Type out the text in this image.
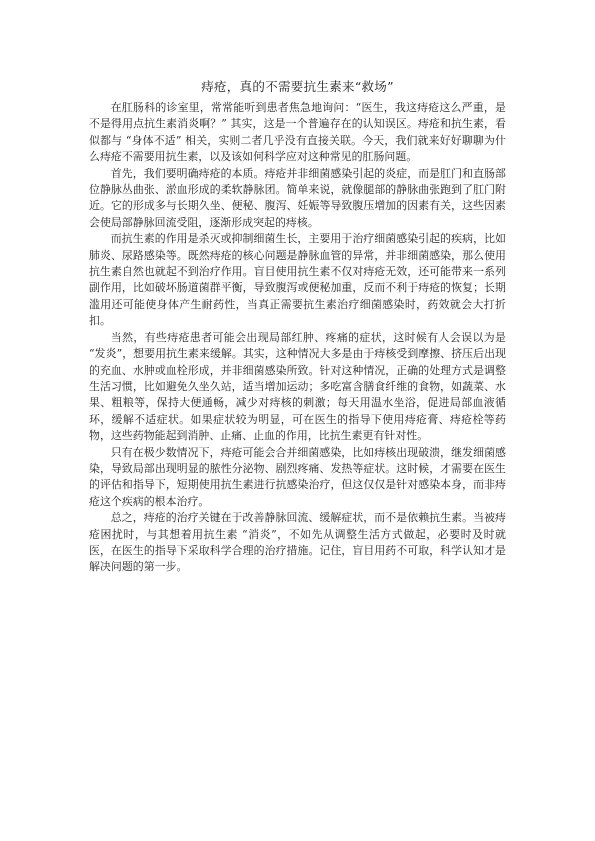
痔疮，真的不需要抗生素来“救场”

在肛肠科的诊室里，常常能听到患者焦急地询问：“医生，我这痔疮这么严重，是不是得用点抗生素消炎啊？” 其实，这是一个普遍存在的认知误区。痔疮和抗生素，看似都与 “身体不适” 相关，实则二者几乎没有直接关联。今天，我们就来好好聊聊为什么痔疮不需要用抗生素，以及该如何科学应对这种常见的肛肠问题。

首先，我们要明确痔疮的本质。痔疮并非细菌感染引起的炎症，而是肛门和直肠部位静脉丛曲张、淤血形成的柔软静脉团。简单来说，就像腿部的静脉曲张跑到了肛门附近。它的形成多与长期久坐、便秘、腹泻、妊娠等导致腹压增加的因素有关，这些因素会使局部静脉回流受阻，逐渐形成突起的痔核。

而抗生素的作用是杀灭或抑制细菌生长，主要用于治疗细菌感染引起的疾病，比如肺炎、尿路感染等。既然痔疮的核心问题是静脉血管的异常，并非细菌感染，那么使用抗生素自然也就起不到治疗作用。盲目使用抗生素不仅对痔疮无效，还可能带来一系列副作用，比如破坏肠道菌群平衡，导致腹泻或便秘加重，反而不利于痔疮的恢复；长期滥用还可能使身体产生耐药性，当真正需要抗生素治疗细菌感染时，药效就会大打折扣。

当然，有些痔疮患者可能会出现局部红肿、疼痛的症状，这时候有人会误以为是 “发炎”，想要用抗生素来缓解。其实，这种情况大多是由于痔核受到摩擦、挤压后出现的充血、水肿或血栓形成，并非细菌感染所致。针对这种情况，正确的处理方式是调整生活习惯，比如避免久坐久站，适当增加运动；多吃富含膳食纤维的食物，如蔬菜、水果、粗粮等，保持大便通畅，减少对痔核的刺激；每天用温水坐浴，促进局部血液循环，缓解不适症状。如果症状较为明显，可在医生的指导下使用痔疮膏、痔疮栓等药物，这些药物能起到消肿、止痛、止血的作用，比抗生素更有针对性。

只有在极少数情况下，痔疮可能会合并细菌感染，比如痔核出现破溃，继发细菌感染，导致局部出现明显的脓性分泌物、剧烈疼痛、发热等症状。这时候，才需要在医生的评估和指导下，短期使用抗生素进行抗感染治疗，但这仅仅是针对感染本身，而非痔疮这个疾病的根本治疗。

总之，痔疮的治疗关键在于改善静脉回流、缓解症状，而不是依赖抗生素。当被痔疮困扰时，与其想着用抗生素 “消炎”，不如先从调整生活方式做起，必要时及时就医，在医生的指导下采取科学合理的治疗措施。记住，盲目用药不可取，科学认知才是解决问题的第一步。
